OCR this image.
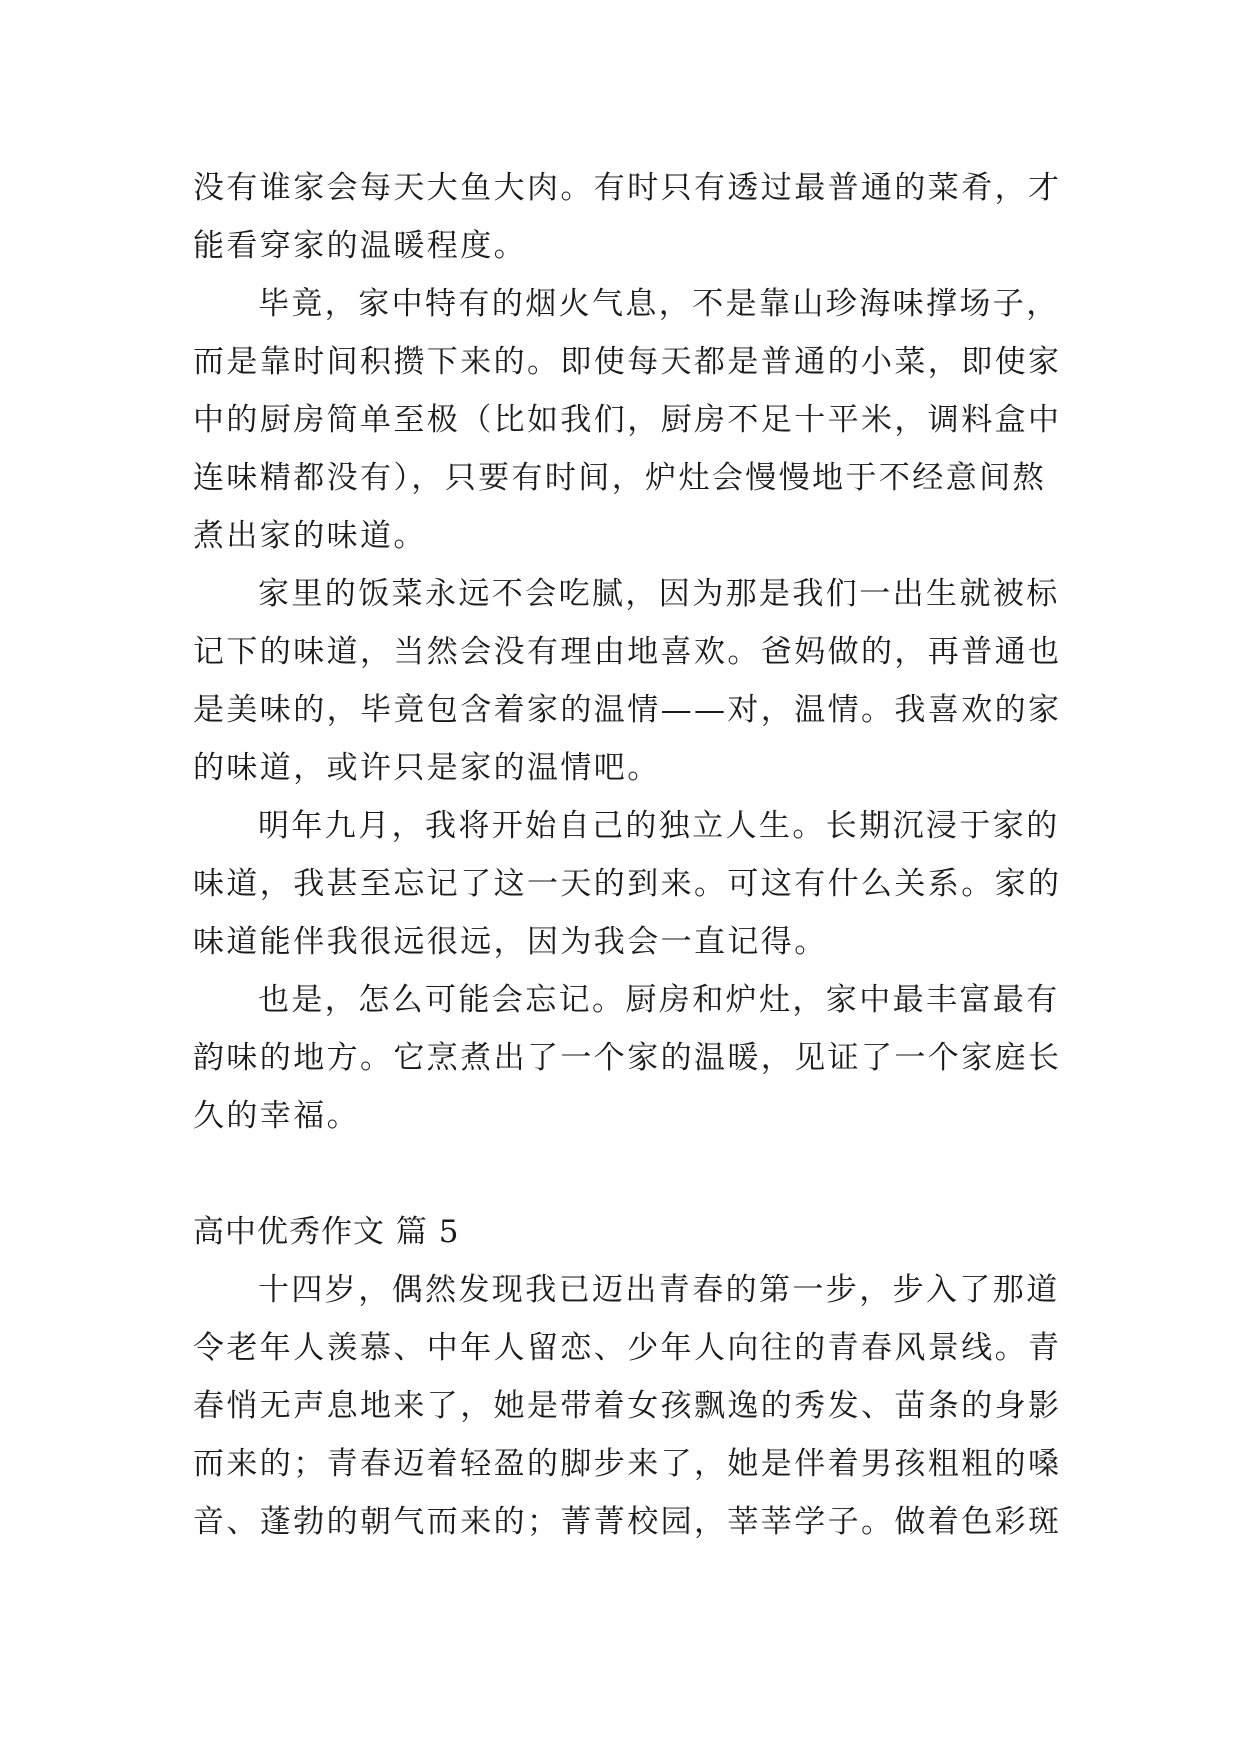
没有谁家会每天大鱼大肉。有时只有透过最普通的菜肴，才

能看穿家的温暖程度。

毕竟，家中特有的烟火气息，不是靠山珍海味撑场子，

而是靠时间积攒下来的。即使每天都是普通的小菜，即使家

中的厨房简单至极（比如我们，厨房不足十平米，调料盒中

连味精都没有），只要有时间，炉灶会慢慢地于不经意间熬

煮出家的味道。

家里的饭菜永远不会吃腻，因为那是我们一出生就被标

记下的味道，当然会没有理由地喜欢。爸妈做的，再普通也

是美味的，毕竟包含着家的温情——对，温情。我喜欢的家

的味道，或许只是家的温情吧。

明年九月，我将开始自己的独立人生。长期沉浸于家的

味道，我甚至忘记了这一天的到来。可这有什么关系。家的

味道能伴我很远很远，因为我会一直记得。

也是，怎么可能会忘记。厨房和炉灶，家中最丰富最有

韵味的地方。它烹煮出了一个家的温暖，见证了一个家庭长

久的幸福。

高中优秀作文 篇 5

十四岁，偶然发现我已迈出青春的第一步，步入了那道

令老年人羡慕、中年人留恋、少年人向往的青春风景线。青

春悄无声息地来了，她是带着女孩飘逸的秀发、苗条的身影

而来的；青春迈着轻盈的脚步来了，她是伴着男孩粗粗的嗓

音、蓬勃的朝气而来的；菁菁校园，莘莘学子。做着色彩斑
